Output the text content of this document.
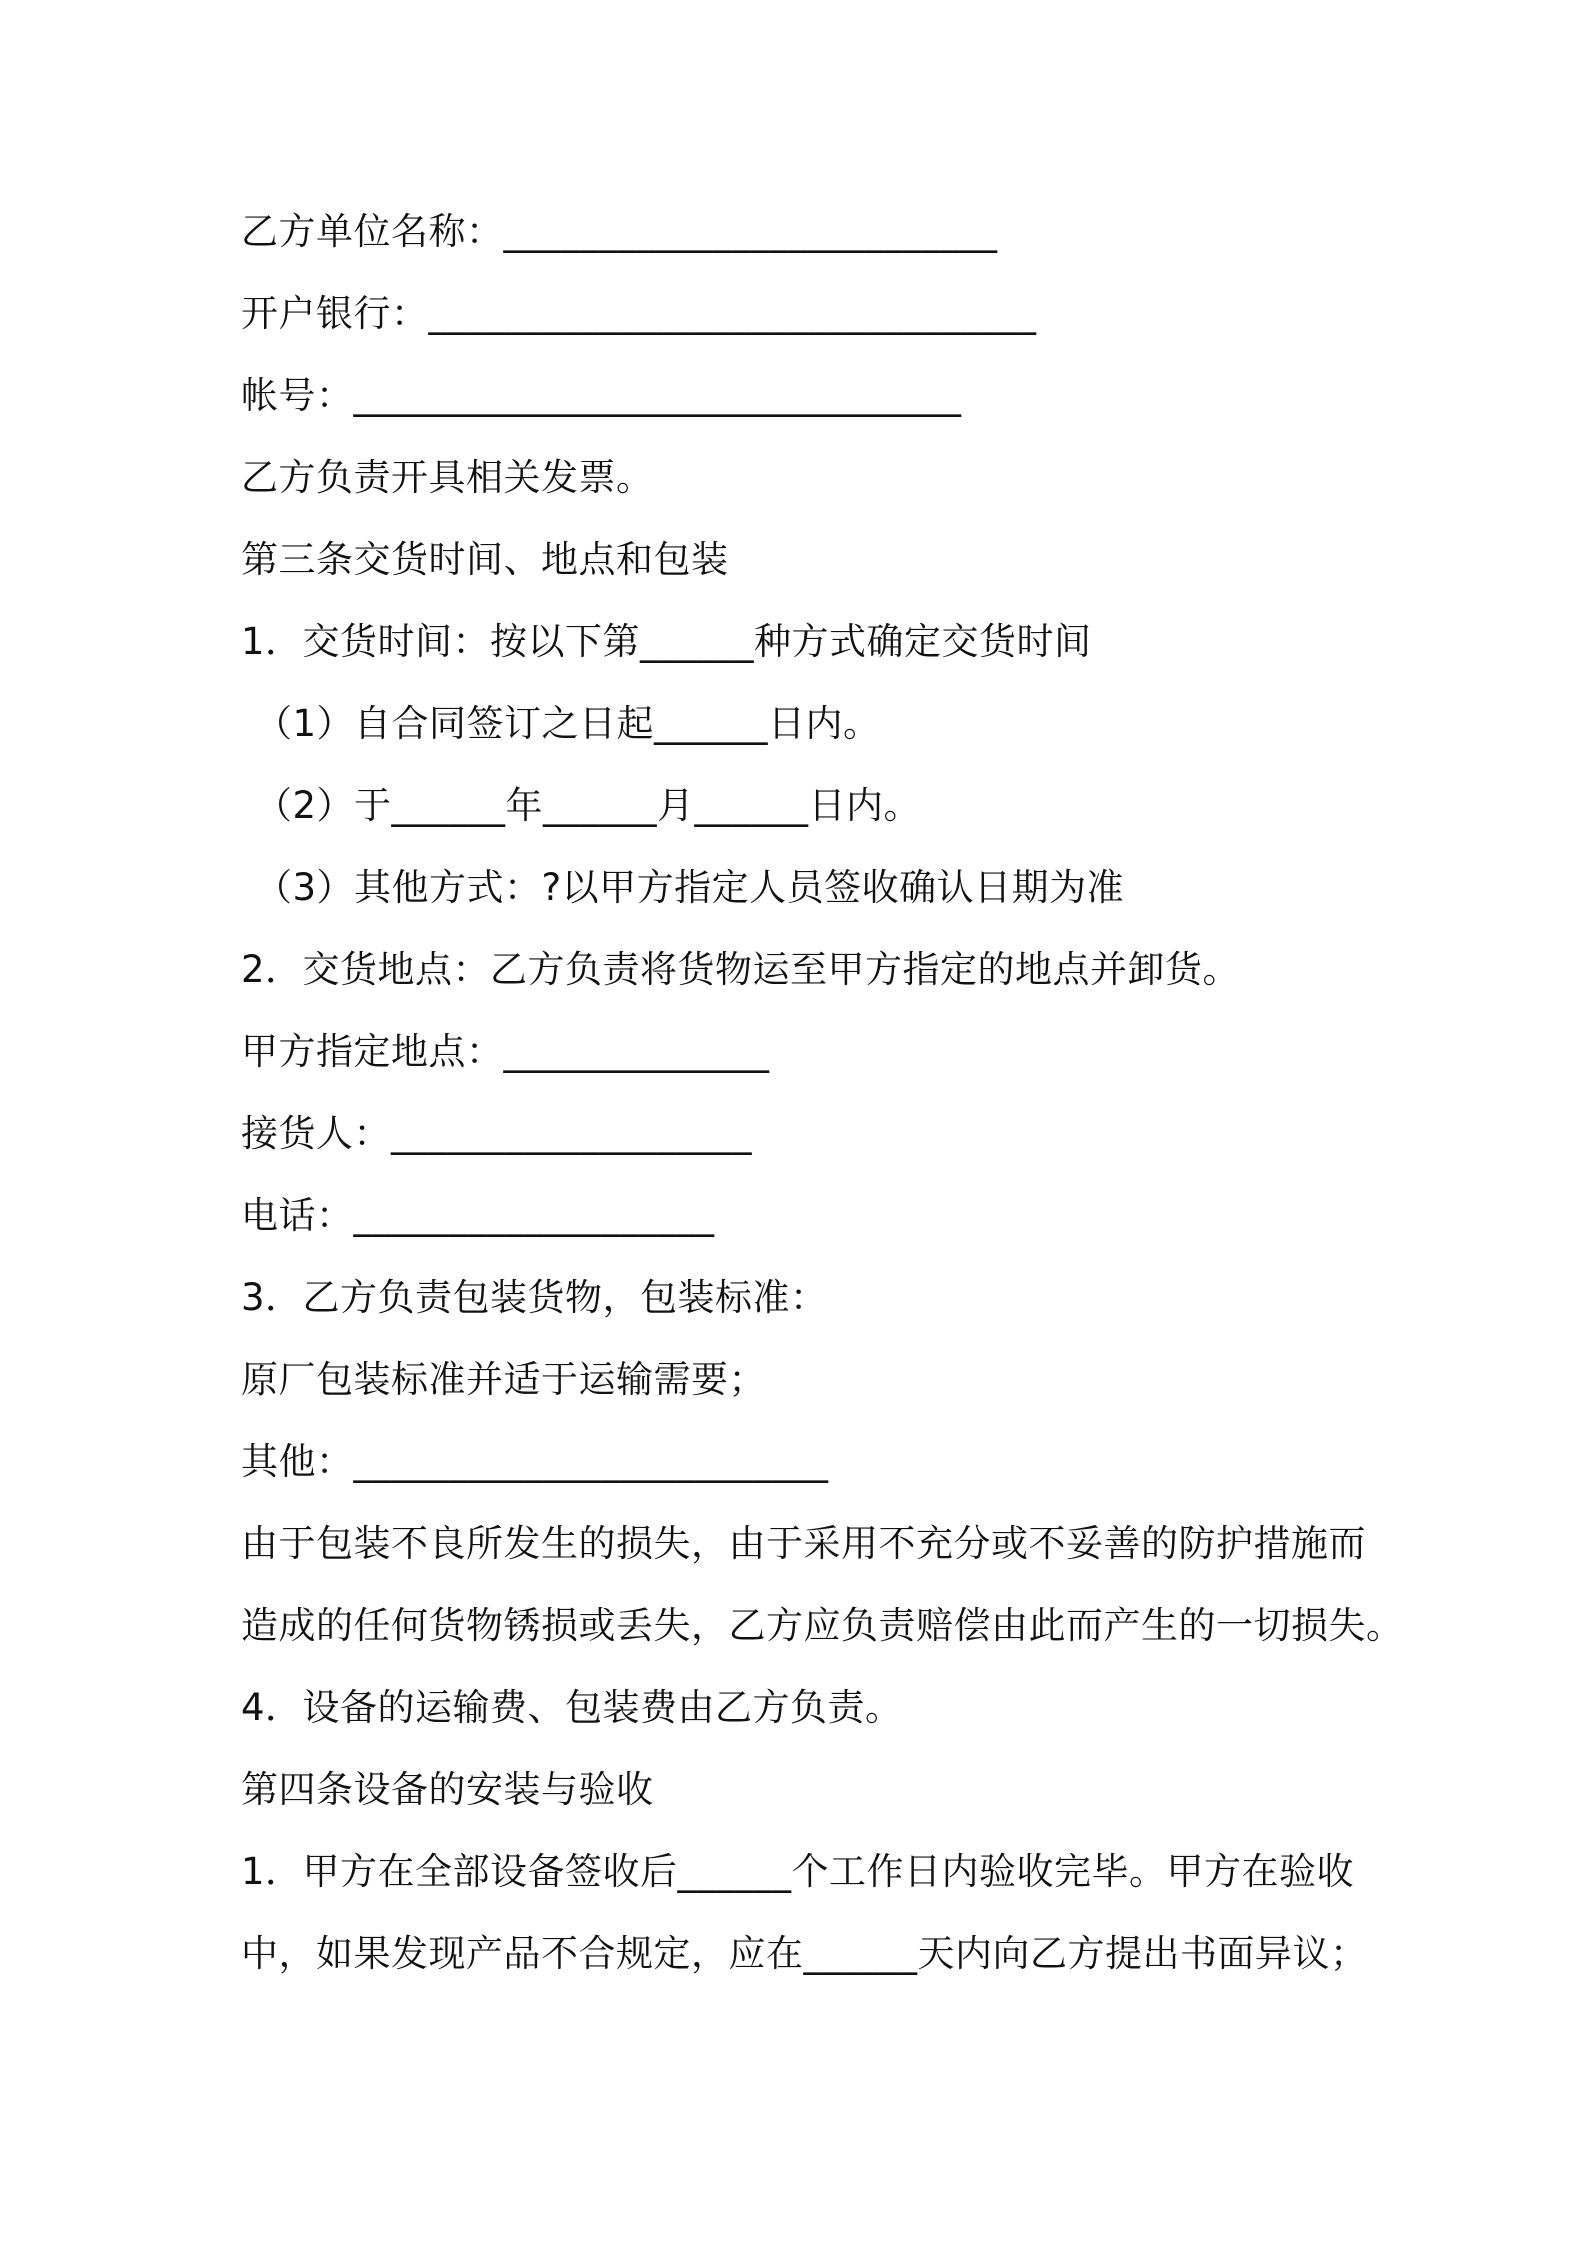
乙方单位名称：__________________________

开户银行：________________________________

帐号：________________________________

乙方负责开具相关发票。

第三条交货时间、地点和包装

1．交货时间：按以下第______种方式确定交货时间

（1）自合同签订之日起______日内。

（2）于______年______月______日内。

（3）其他方式：?以甲方指定人员签收确认日期为准

2．交货地点：乙方负责将货物运至甲方指定的地点并卸货。

甲方指定地点：______________

接货人：___________________

电话：___________________

3．乙方负责包装货物，包装标准：

原厂包装标准并适于运输需要；

其他：_________________________

由于包装不良所发生的损失，由于采用不充分或不妥善的防护措施而

造成的任何货物锈损或丢失，乙方应负责赔偿由此而产生的一切损失。

4．设备的运输费、包装费由乙方负责。

第四条设备的安装与验收

1．甲方在全部设备签收后______个工作日内验收完毕。甲方在验收

中，如果发现产品不合规定，应在______天内向乙方提出书面异议；
